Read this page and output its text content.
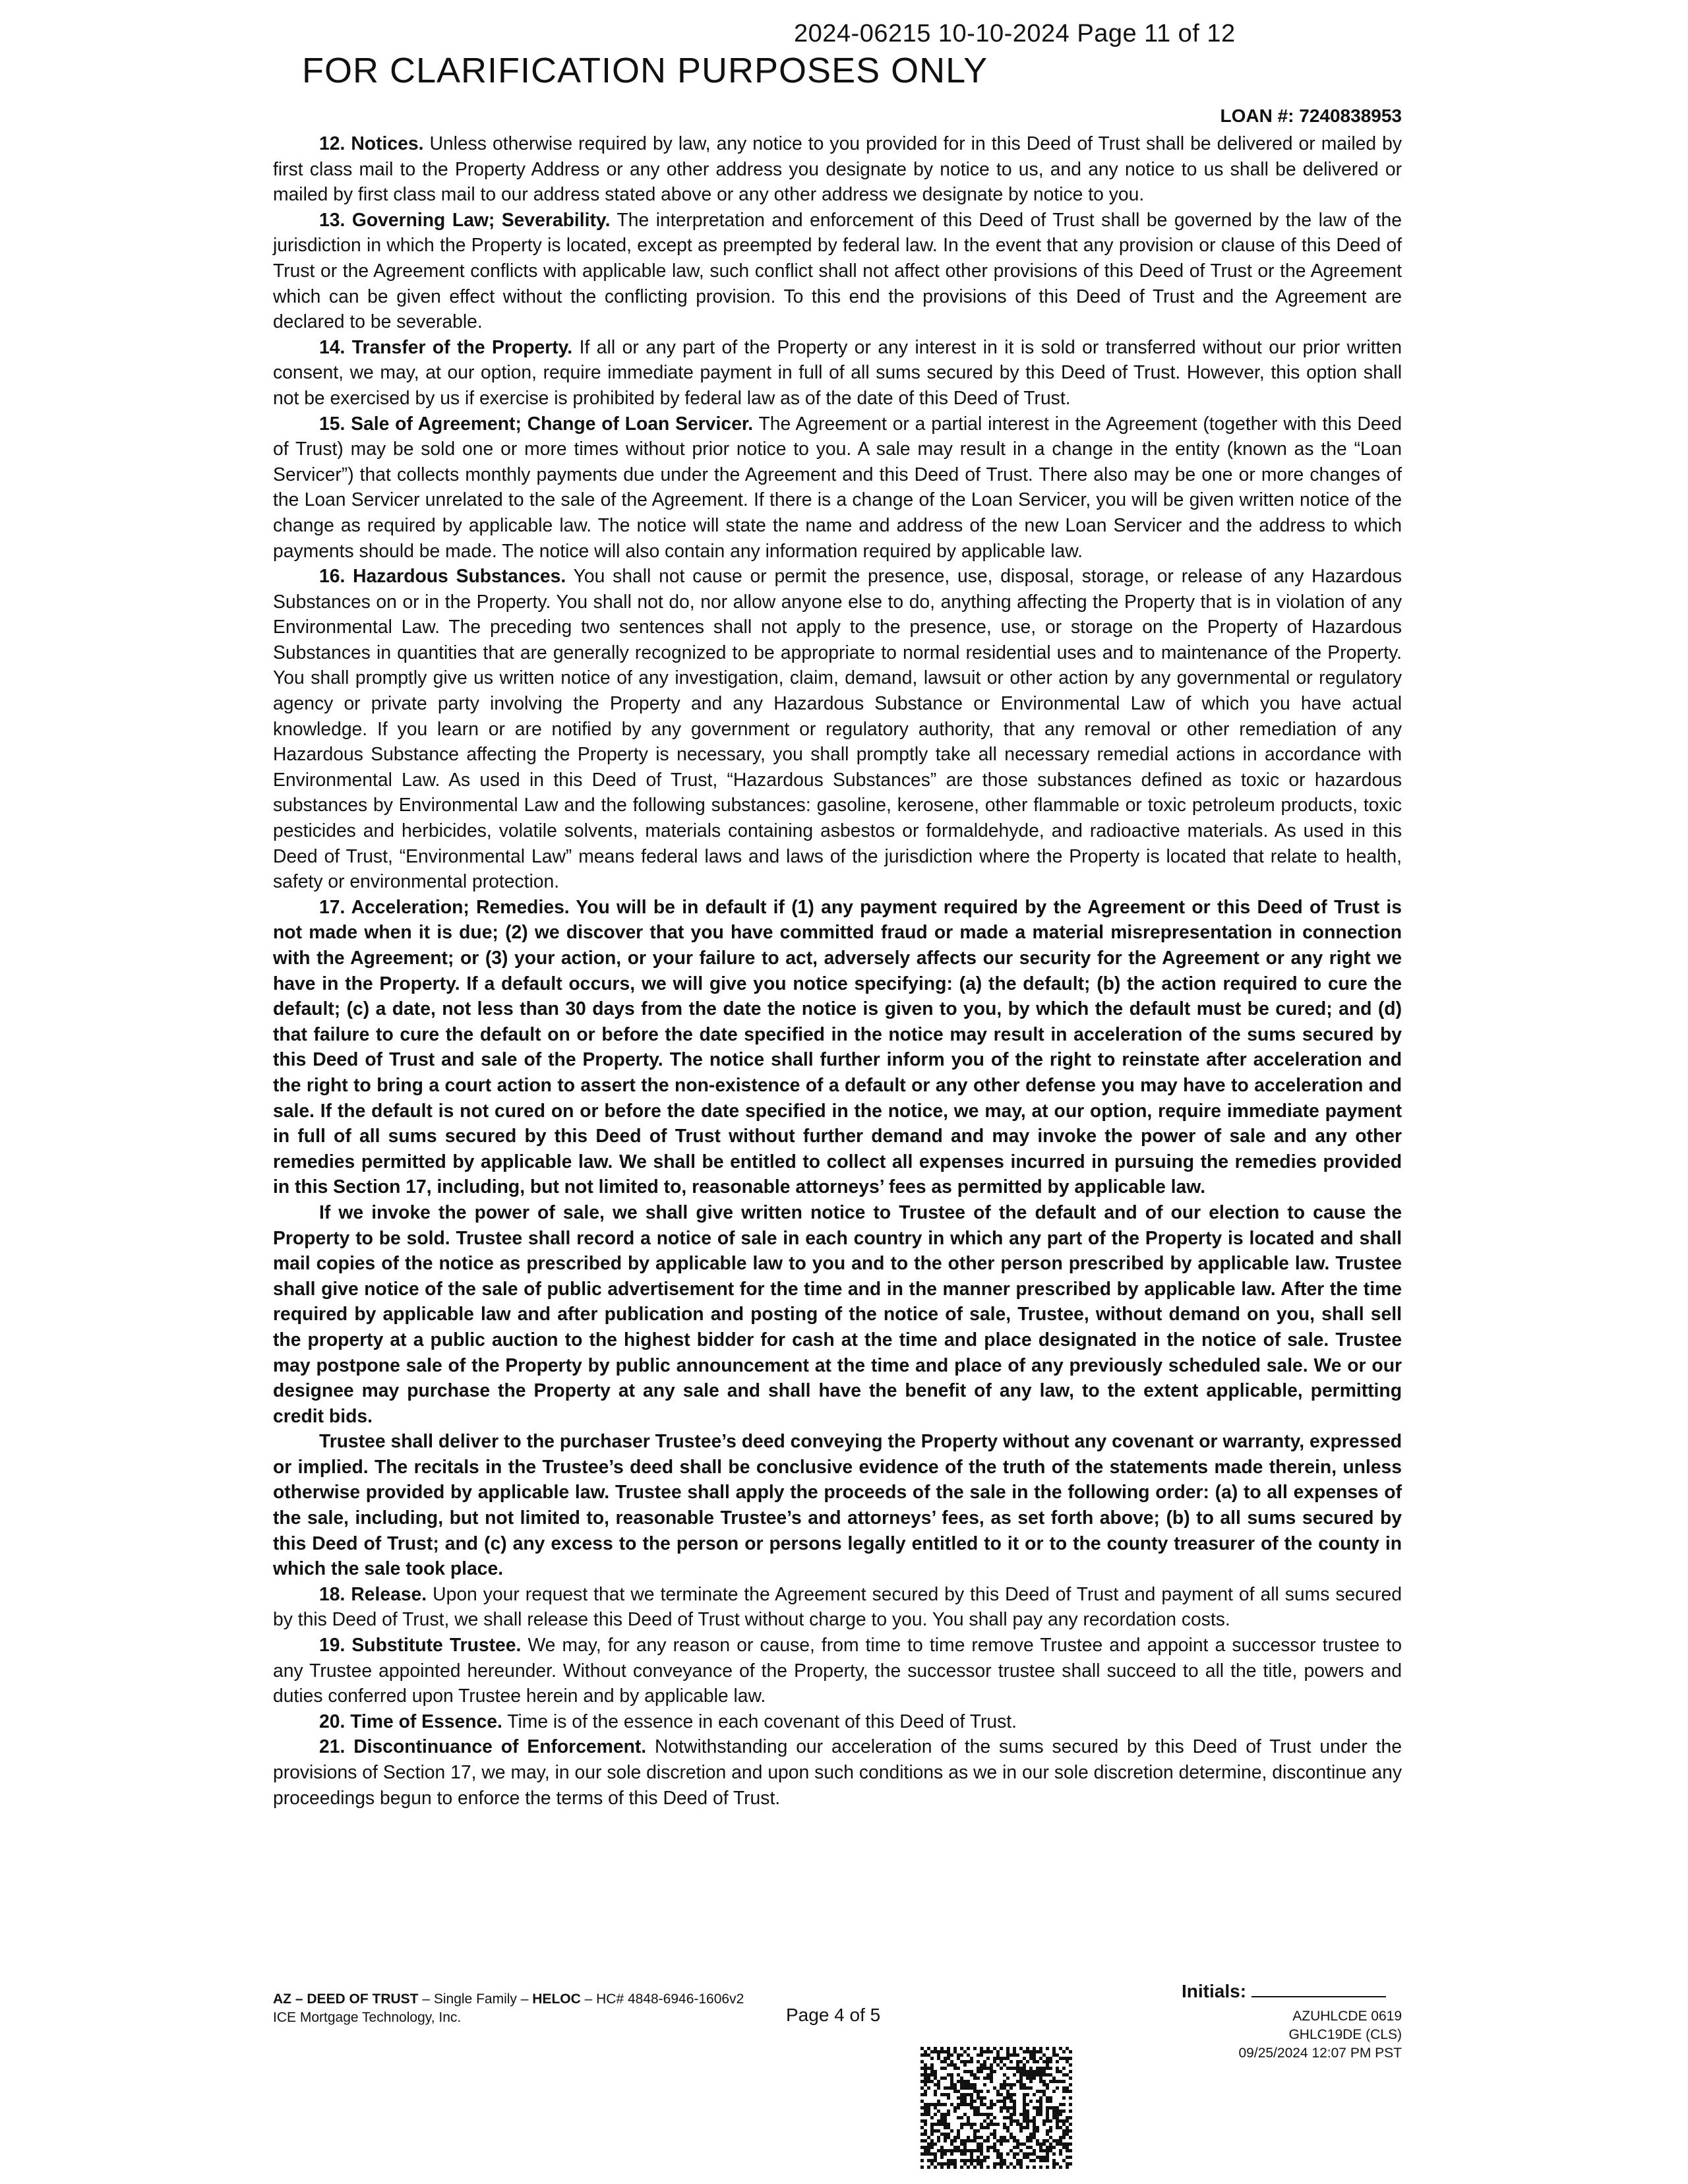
2024-06215 10-10-2024 Page 11 of 12
FOR CLARIFICATION PURPOSES ONLY
LOAN #: 7240838953

12. Notices. Unless otherwise required by law, any notice to you provided for in this Deed of Trust shall be delivered or mailed by first class mail to the Property Address or any other address you designate by notice to us, and any notice to us shall be delivered or mailed by first class mail to our address stated above or any other address we designate by notice to you.

13. Governing Law; Severability. The interpretation and enforcement of this Deed of Trust shall be governed by the law of the jurisdiction in which the Property is located, except as preempted by federal law. In the event that any provision or clause of this Deed of Trust or the Agreement conflicts with applicable law, such conflict shall not affect other provisions of this Deed of Trust or the Agreement which can be given effect without the conflicting provision. To this end the provisions of this Deed of Trust and the Agreement are declared to be severable.

14. Transfer of the Property. If all or any part of the Property or any interest in it is sold or transferred without our prior written consent, we may, at our option, require immediate payment in full of all sums secured by this Deed of Trust. However, this option shall not be exercised by us if exercise is prohibited by federal law as of the date of this Deed of Trust.

15. Sale of Agreement; Change of Loan Servicer. The Agreement or a partial interest in the Agreement (together with this Deed of Trust) may be sold one or more times without prior notice to you. A sale may result in a change in the entity (known as the “Loan Servicer”) that collects monthly payments due under the Agreement and this Deed of Trust. There also may be one or more changes of the Loan Servicer unrelated to the sale of the Agreement. If there is a change of the Loan Servicer, you will be given written notice of the change as required by applicable law. The notice will state the name and address of the new Loan Servicer and the address to which payments should be made. The notice will also contain any information required by applicable law.

16. Hazardous Substances. You shall not cause or permit the presence, use, disposal, storage, or release of any Hazardous Substances on or in the Property. You shall not do, nor allow anyone else to do, anything affecting the Property that is in violation of any Environmental Law. The preceding two sentences shall not apply to the presence, use, or storage on the Property of Hazardous Substances in quantities that are generally recognized to be appropriate to normal residential uses and to maintenance of the Property. You shall promptly give us written notice of any investigation, claim, demand, lawsuit or other action by any governmental or regulatory agency or private party involving the Property and any Hazardous Substance or Environmental Law of which you have actual knowledge. If you learn or are notified by any government or regulatory authority, that any removal or other remediation of any Hazardous Substance affecting the Property is necessary, you shall promptly take all necessary remedial actions in accordance with Environmental Law. As used in this Deed of Trust, “Hazardous Substances” are those substances defined as toxic or hazardous substances by Environmental Law and the following substances: gasoline, kerosene, other flammable or toxic petroleum products, toxic pesticides and herbicides, volatile solvents, materials containing asbestos or formaldehyde, and radioactive materials. As used in this Deed of Trust, “Environmental Law” means federal laws and laws of the jurisdiction where the Property is located that relate to health, safety or environmental protection.

17. Acceleration; Remedies. You will be in default if (1) any payment required by the Agreement or this Deed of Trust is not made when it is due; (2) we discover that you have committed fraud or made a material misrepresentation in connection with the Agreement; or (3) your action, or your failure to act, adversely affects our security for the Agreement or any right we have in the Property. If a default occurs, we will give you notice specifying: (a) the default; (b) the action required to cure the default; (c) a date, not less than 30 days from the date the notice is given to you, by which the default must be cured; and (d) that failure to cure the default on or before the date specified in the notice may result in acceleration of the sums secured by this Deed of Trust and sale of the Property. The notice shall further inform you of the right to reinstate after acceleration and the right to bring a court action to assert the non-existence of a default or any other defense you may have to acceleration and sale. If the default is not cured on or before the date specified in the notice, we may, at our option, require immediate payment in full of all sums secured by this Deed of Trust without further demand and may invoke the power of sale and any other remedies permitted by applicable law. We shall be entitled to collect all expenses incurred in pursuing the remedies provided in this Section 17, including, but not limited to, reasonable attorneys’ fees as permitted by applicable law.

If we invoke the power of sale, we shall give written notice to Trustee of the default and of our election to cause the Property to be sold. Trustee shall record a notice of sale in each country in which any part of the Property is located and shall mail copies of the notice as prescribed by applicable law to you and to the other person prescribed by applicable law. Trustee shall give notice of the sale of public advertisement for the time and in the manner prescribed by applicable law. After the time required by applicable law and after publication and posting of the notice of sale, Trustee, without demand on you, shall sell the property at a public auction to the highest bidder for cash at the time and place designated in the notice of sale. Trustee may postpone sale of the Property by public announcement at the time and place of any previously scheduled sale. We or our designee may purchase the Property at any sale and shall have the benefit of any law, to the extent applicable, permitting credit bids.

Trustee shall deliver to the purchaser Trustee’s deed conveying the Property without any covenant or warranty, expressed or implied. The recitals in the Trustee’s deed shall be conclusive evidence of the truth of the statements made therein, unless otherwise provided by applicable law. Trustee shall apply the proceeds of the sale in the following order: (a) to all expenses of the sale, including, but not limited to, reasonable Trustee’s and attorneys’ fees, as set forth above; (b) to all sums secured by this Deed of Trust; and (c) any excess to the person or persons legally entitled to it or to the county treasurer of the county in which the sale took place.

18. Release. Upon your request that we terminate the Agreement secured by this Deed of Trust and payment of all sums secured by this Deed of Trust, we shall release this Deed of Trust without charge to you. You shall pay any recordation costs.

19. Substitute Trustee. We may, for any reason or cause, from time to time remove Trustee and appoint a successor trustee to any Trustee appointed hereunder. Without conveyance of the Property, the successor trustee shall succeed to all the title, powers and duties conferred upon Trustee herein and by applicable law.

20. Time of Essence. Time is of the essence in each covenant of this Deed of Trust.

21. Discontinuance of Enforcement. Notwithstanding our acceleration of the sums secured by this Deed of Trust under the provisions of Section 17, we may, in our sole discretion and upon such conditions as we in our sole discretion determine, discontinue any proceedings begun to enforce the terms of this Deed of Trust.

AZ – DEED OF TRUST – Single Family – HELOC – HC# 4848-6946-1606v2
ICE Mortgage Technology, Inc.	Page 4 of 5
Initials:
AZUHLCDE 0619
GHLC19DE (CLS)
09/25/2024 12:07 PM PST
